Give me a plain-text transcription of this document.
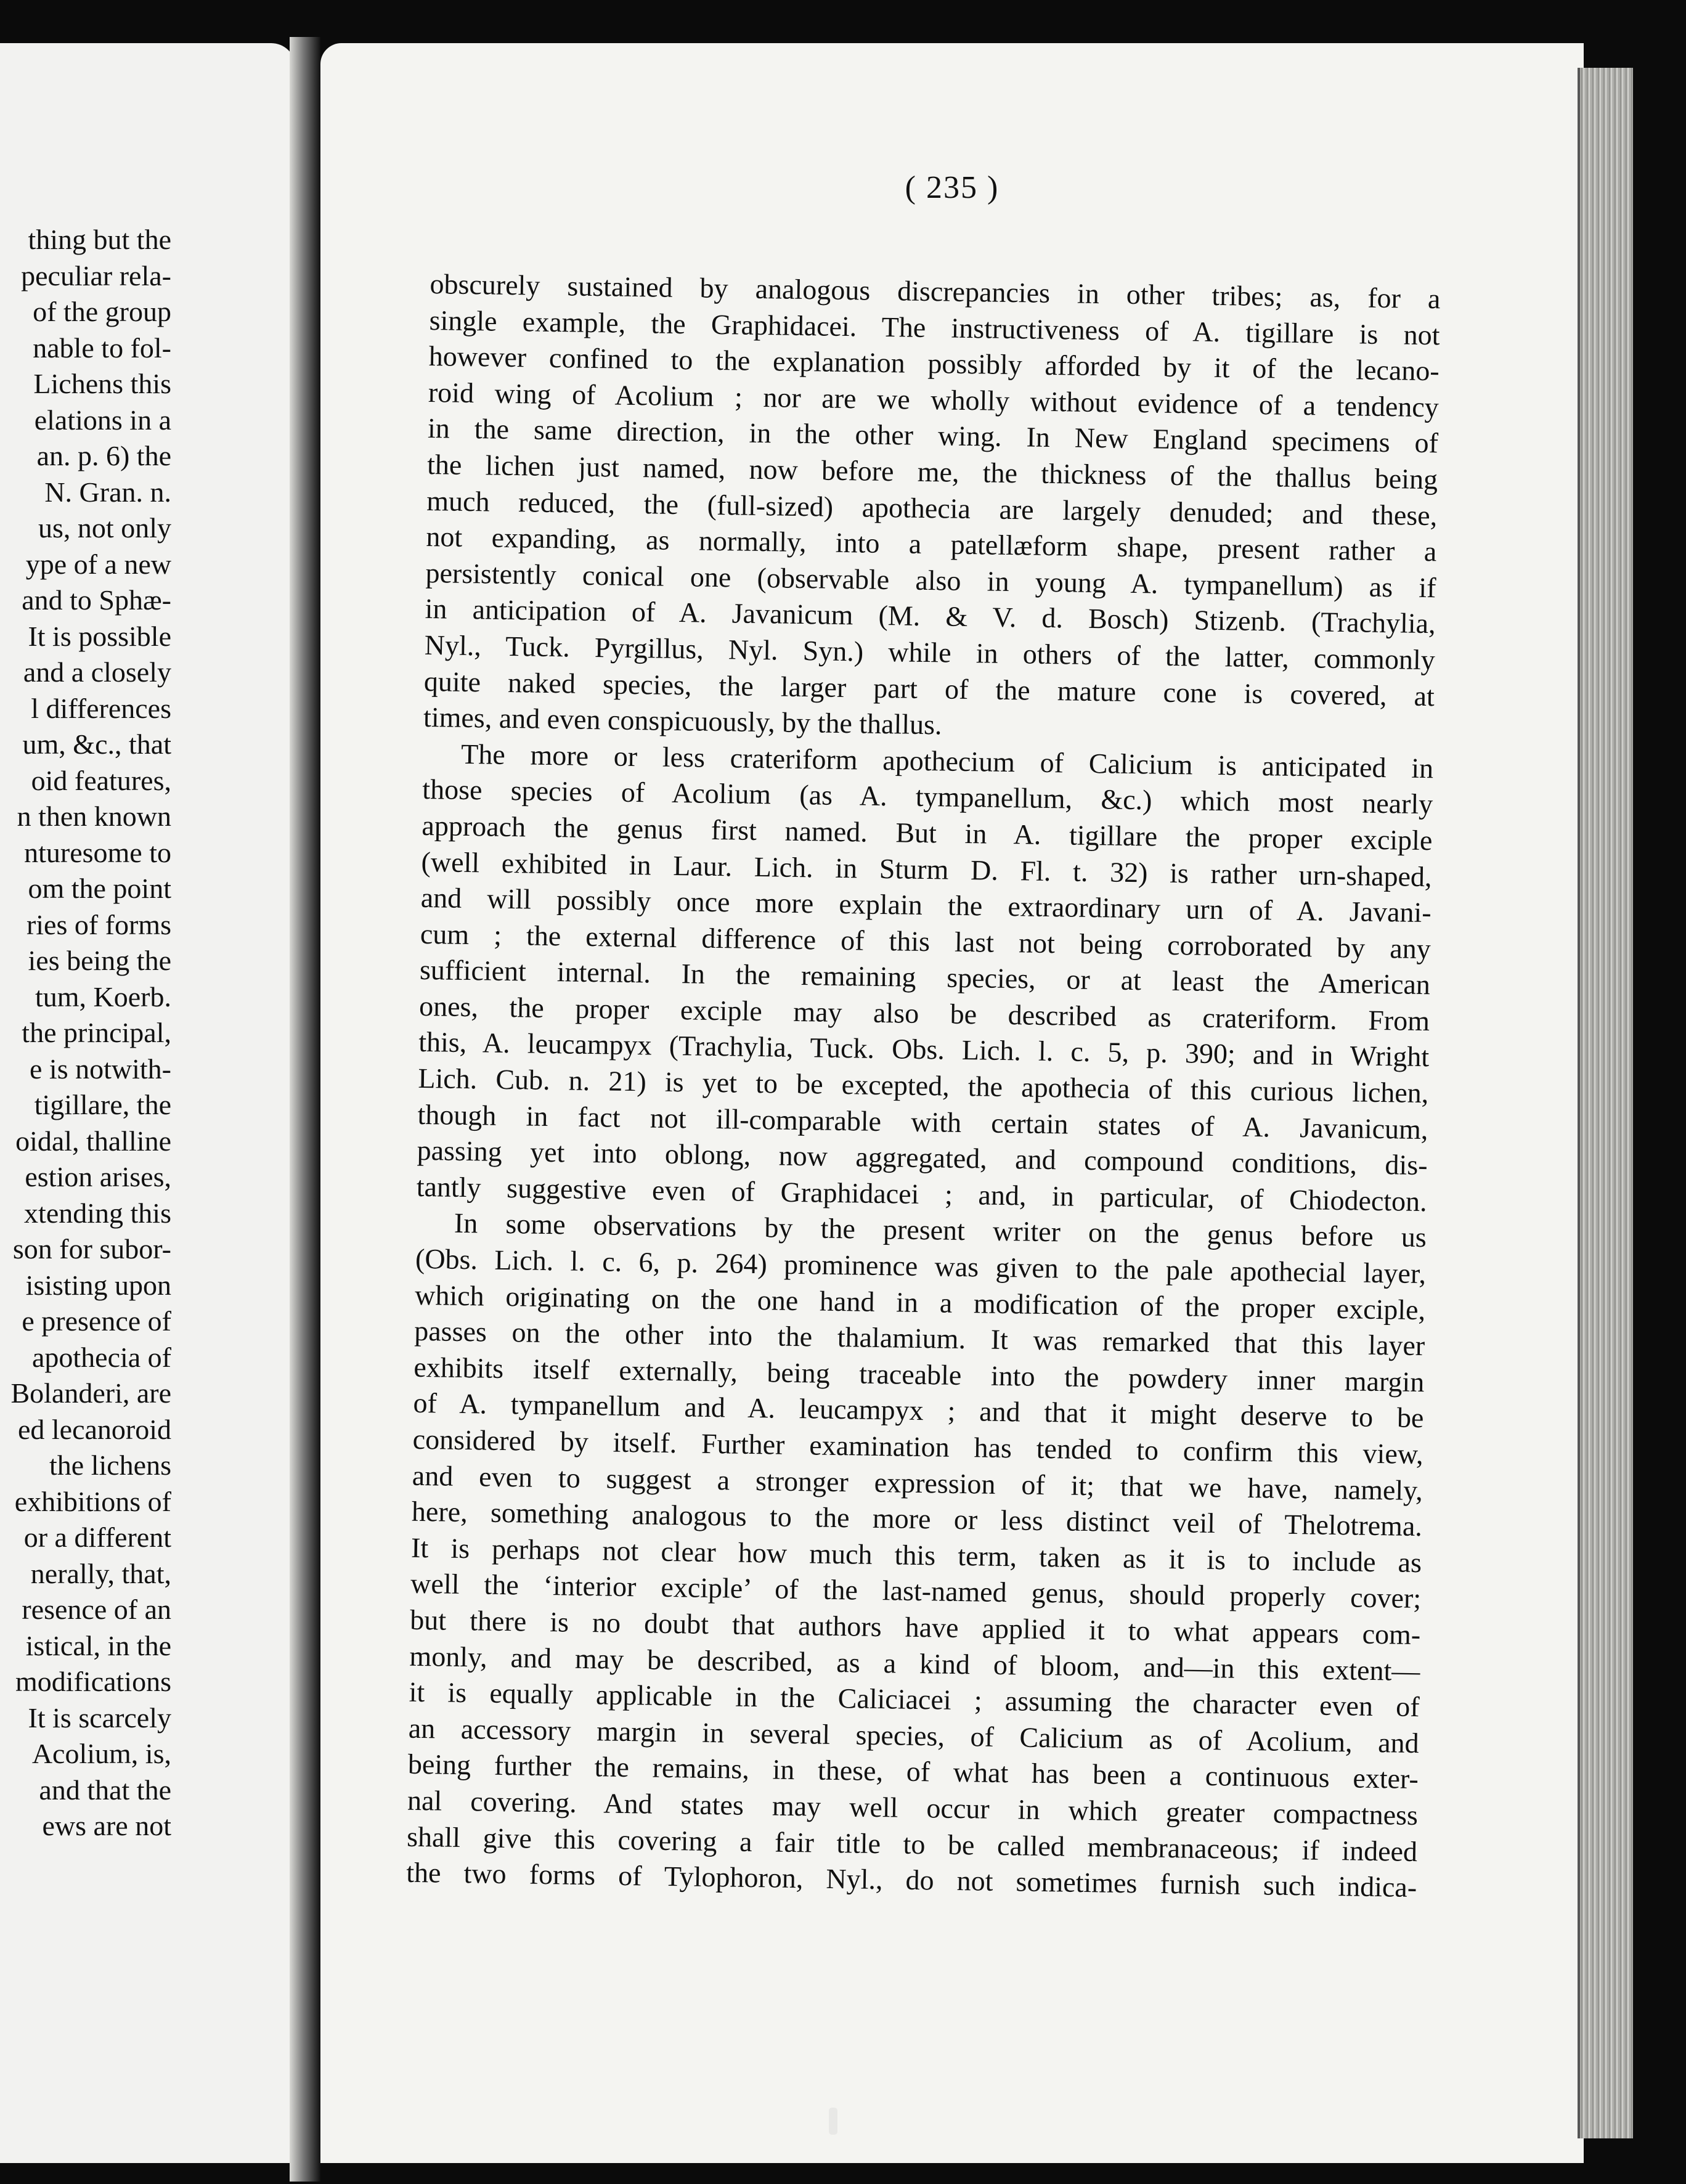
thing but the
peculiar rela-
of the group
nable to fol-
Lichens this
elations in a
an. p. 6) the
N. Gran. n.
us, not only
ype of a new
and to Sphæ-
It is possible
and a closely
l differences
um, &c., that
oid features,
n then known
nturesome to
om the point
ries of forms
ies being the
tum, Koerb.
the principal,
e is notwith-
tigillare, the
oidal, thalline
estion arises,
xtending this
son for subor-
isisting upon
e presence of
apothecia of
Bolanderi, are
ed lecanoroid
the lichens
exhibitions of
or a different
nerally, that,
resence of an
istical, in the
modifications
It is scarcely
Acolium, is,
and that the
ews are not
( 235 )
obscurely sustained by analogous discrepancies in other tribes; as, for a
single example, the Graphidacei. The instructiveness of A. tigillare is not
however confined to the explanation possibly afforded by it of the lecano-
roid wing of Acolium ; nor are we wholly without evidence of a tendency
in the same direction, in the other wing. In New England specimens of
the lichen just named, now before me, the thickness of the thallus being
much reduced, the (full-sized) apothecia are largely denuded; and these,
not expanding, as normally, into a patellæform shape, present rather a
persistently conical one (observable also in young A. tympanellum) as if
in anticipation of A. Javanicum (M. & V. d. Bosch) Stizenb. (Trachylia,
Nyl., Tuck. Pyrgillus, Nyl. Syn.) while in others of the latter, commonly
quite naked species, the larger part of the mature cone is covered, at
times, and even conspicuously, by the thallus.
The more or less crateriform apothecium of Calicium is anticipated in
those species of Acolium (as A. tympanellum, &c.) which most nearly
approach the genus first named. But in A. tigillare the proper exciple
(well exhibited in Laur. Lich. in Sturm D. Fl. t. 32) is rather urn-shaped,
and will possibly once more explain the extraordinary urn of A. Javani-
cum ; the external difference of this last not being corroborated by any
sufficient internal. In the remaining species, or at least the American
ones, the proper exciple may also be described as crateriform. From
this, A. leucampyx (Trachylia, Tuck. Obs. Lich. l. c. 5, p. 390; and in Wright
Lich. Cub. n. 21) is yet to be excepted, the apothecia of this curious lichen,
though in fact not ill-comparable with certain states of A. Javanicum,
passing yet into oblong, now aggregated, and compound conditions, dis-
tantly suggestive even of Graphidacei ; and, in particular, of Chiodecton.
In some observations by the present writer on the genus before us
(Obs. Lich. l. c. 6, p. 264) prominence was given to the pale apothecial layer,
which originating on the one hand in a modification of the proper exciple,
passes on the other into the thalamium. It was remarked that this layer
exhibits itself externally, being traceable into the powdery inner margin
of A. tympanellum and A. leucampyx ; and that it might deserve to be
considered by itself. Further examination has tended to confirm this view,
and even to suggest a stronger expression of it; that we have, namely,
here, something analogous to the more or less distinct veil of Thelotrema.
It is perhaps not clear how much this term, taken as it is to include as
well the ‘interior exciple’ of the last-named genus, should properly cover;
but there is no doubt that authors have applied it to what appears com-
monly, and may be described, as a kind of bloom, and—in this extent—
it is equally applicable in the Caliciacei ; assuming the character even of
an accessory margin in several species, of Calicium as of Acolium, and
being further the remains, in these, of what has been a continuous exter-
nal covering. And states may well occur in which greater compactness
shall give this covering a fair title to be called membranaceous; if indeed
the two forms of Tylophoron, Nyl., do not sometimes furnish such indica-
